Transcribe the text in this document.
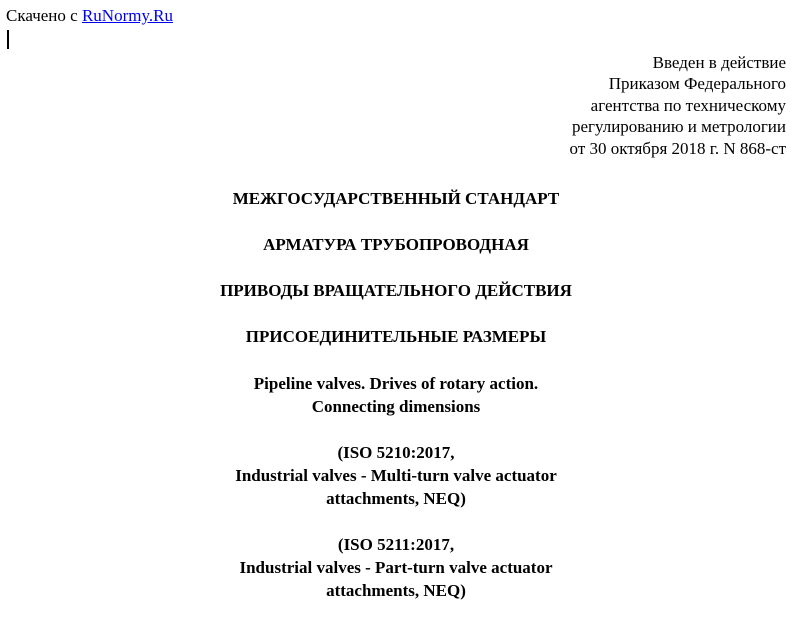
Скачено с RuNormy.Ru
Введен в действие
Приказом Федерального
агентства по техническому
регулированию и метрологии
от 30 октября 2018 г. N 868-ст
МЕЖГОСУДАРСТВЕННЫЙ СТАНДАРТ
АРМАТУРА ТРУБОПРОВОДНАЯ
ПРИВОДЫ ВРАЩАТЕЛЬНОГО ДЕЙСТВИЯ
ПРИСОЕДИНИТЕЛЬНЫЕ РАЗМЕРЫ
Pipeline valves. Drives of rotary action.
Connecting dimensions
(ISO 5210:2017,
Industrial valves - Multi-turn valve actuator
attachments, NEQ)
(ISO 5211:2017,
Industrial valves - Part-turn valve actuator
attachments, NEQ)
